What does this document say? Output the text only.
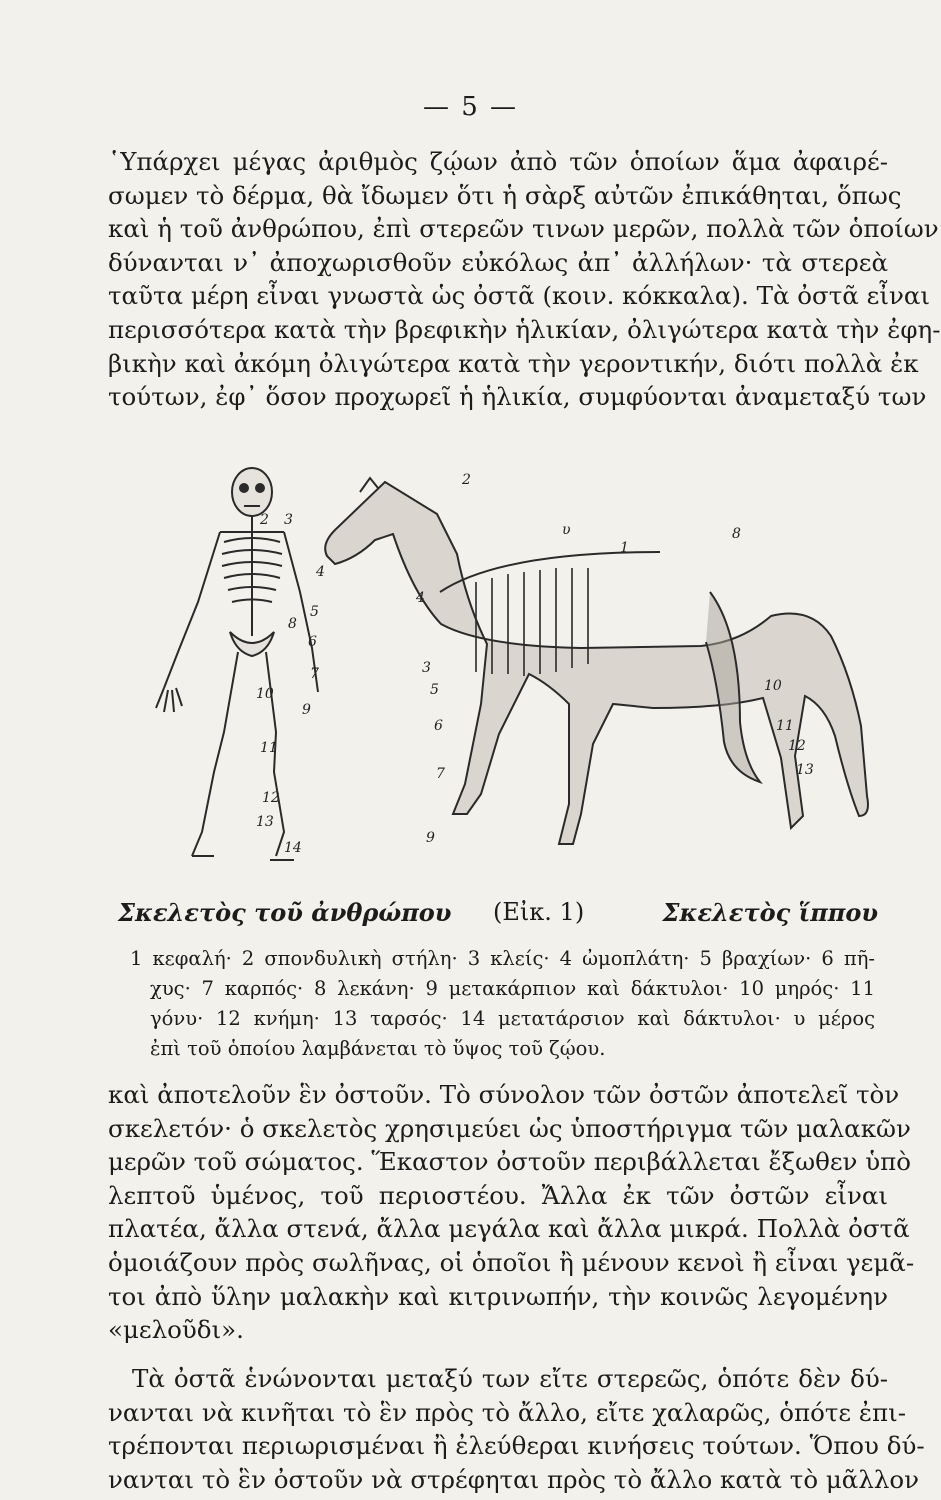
— 5 —
῾Υπάρχει μέγας ἀριθμὸς ζῴων ἀπὸ τῶν ὁποίων ἅμα ἀφαιρέ-
σωμεν τὸ δέρμα, θὰ ἴδωμεν ὅτι ἡ σὰρξ αὐτῶν ἐπικάθηται, ὅπως
καὶ ἡ τοῦ ἀνθρώπου, ἐπὶ στερεῶν τινων μερῶν, πολλὰ τῶν ὁποίων
δύνανται ν᾽ ἀποχωρισθοῦν εὐκόλως ἀπ᾽ ἀλλήλων· τὰ στερεὰ
ταῦτα μέρη εἶναι γνωστὰ ὡς ὀστᾶ (κοιν. κόκκαλα). Τὰ ὀστᾶ εἶναι
περισσότερα κατὰ τὴν βρεφικὴν ἡλικίαν, ὀλιγώτερα κατὰ τὴν ἐφη-
βικὴν καὶ ἀκόμη ὀλιγώτερα κατὰ τὴν γεροντικήν, διότι πολλὰ ἐκ
τούτων, ἐφ᾽ ὅσον προχωρεῖ ἡ ἡλικία, συμφύονται ἀναμεταξύ των
2 3
4
5
6
7
8
9
10
11
12
13
14
2
υ
1
8
4
3
5
6
7
9
10
11
12
13
Σκελετὸς τοῦ ἀνθρώπου (Εἰκ. 1)	Σκελετὸς ἵππου
1 κεφαλή· 2 σπονδυλικὴ στήλη· 3 κλείς· 4 ὠμοπλάτη· 5 βραχίων· 6 πῆ-
χυς· 7 καρπός· 8 λεκάνη· 9 μετακάρπιον καὶ δάκτυλοι· 10 μηρός· 11
γόνυ· 12 κνήμη· 13 ταρσός· 14 μετατάρσιον καὶ δάκτυλοι· υ μέρος
ἐπὶ τοῦ ὁποίου λαμβάνεται τὸ ὕψος τοῦ ζῴου.
καὶ ἀποτελοῦν ἓν ὀστοῦν. Τὸ σύνολον τῶν ὀστῶν ἀποτελεῖ τὸν
σκελετόν· ὁ σκελετὸς χρησιμεύει ὡς ὑποστήριγμα τῶν μαλακῶν
μερῶν τοῦ σώματος. Ἕκαστον ὀστοῦν περιβάλλεται ἔξωθεν ὑπὸ
λεπτοῦ ὑμένος, τοῦ περιοστέου. Ἄλλα ἐκ τῶν ὀστῶν εἶναι
πλατέα, ἄλλα στενά, ἄλλα μεγάλα καὶ ἄλλα μικρά. Πολλὰ ὀστᾶ
ὁμοιάζουν πρὸς σωλῆνας, οἱ ὁποῖοι ἢ μένουν κενοὶ ἢ εἶναι γεμᾶ-
τοι ἀπὸ ὕλην μαλακὴν καὶ κιτρινωπήν, τὴν κοινῶς λεγομένην
«μελοῦδι».
Τὰ ὀστᾶ ἑνώνονται μεταξύ των εἴτε στερεῶς, ὁπότε δὲν δύ-
νανται νὰ κινῆται τὸ ἓν πρὸς τὸ ἄλλο, εἴτε χαλαρῶς, ὁπότε ἐπι-
τρέπονται περιωρισμέναι ἢ ἐλεύθεραι κινήσεις τούτων. Ὅπου δύ-
νανται τὸ ἓν ὀστοῦν νὰ στρέφηται πρὸς τὸ ἄλλο κατὰ τὸ μᾶλλον
